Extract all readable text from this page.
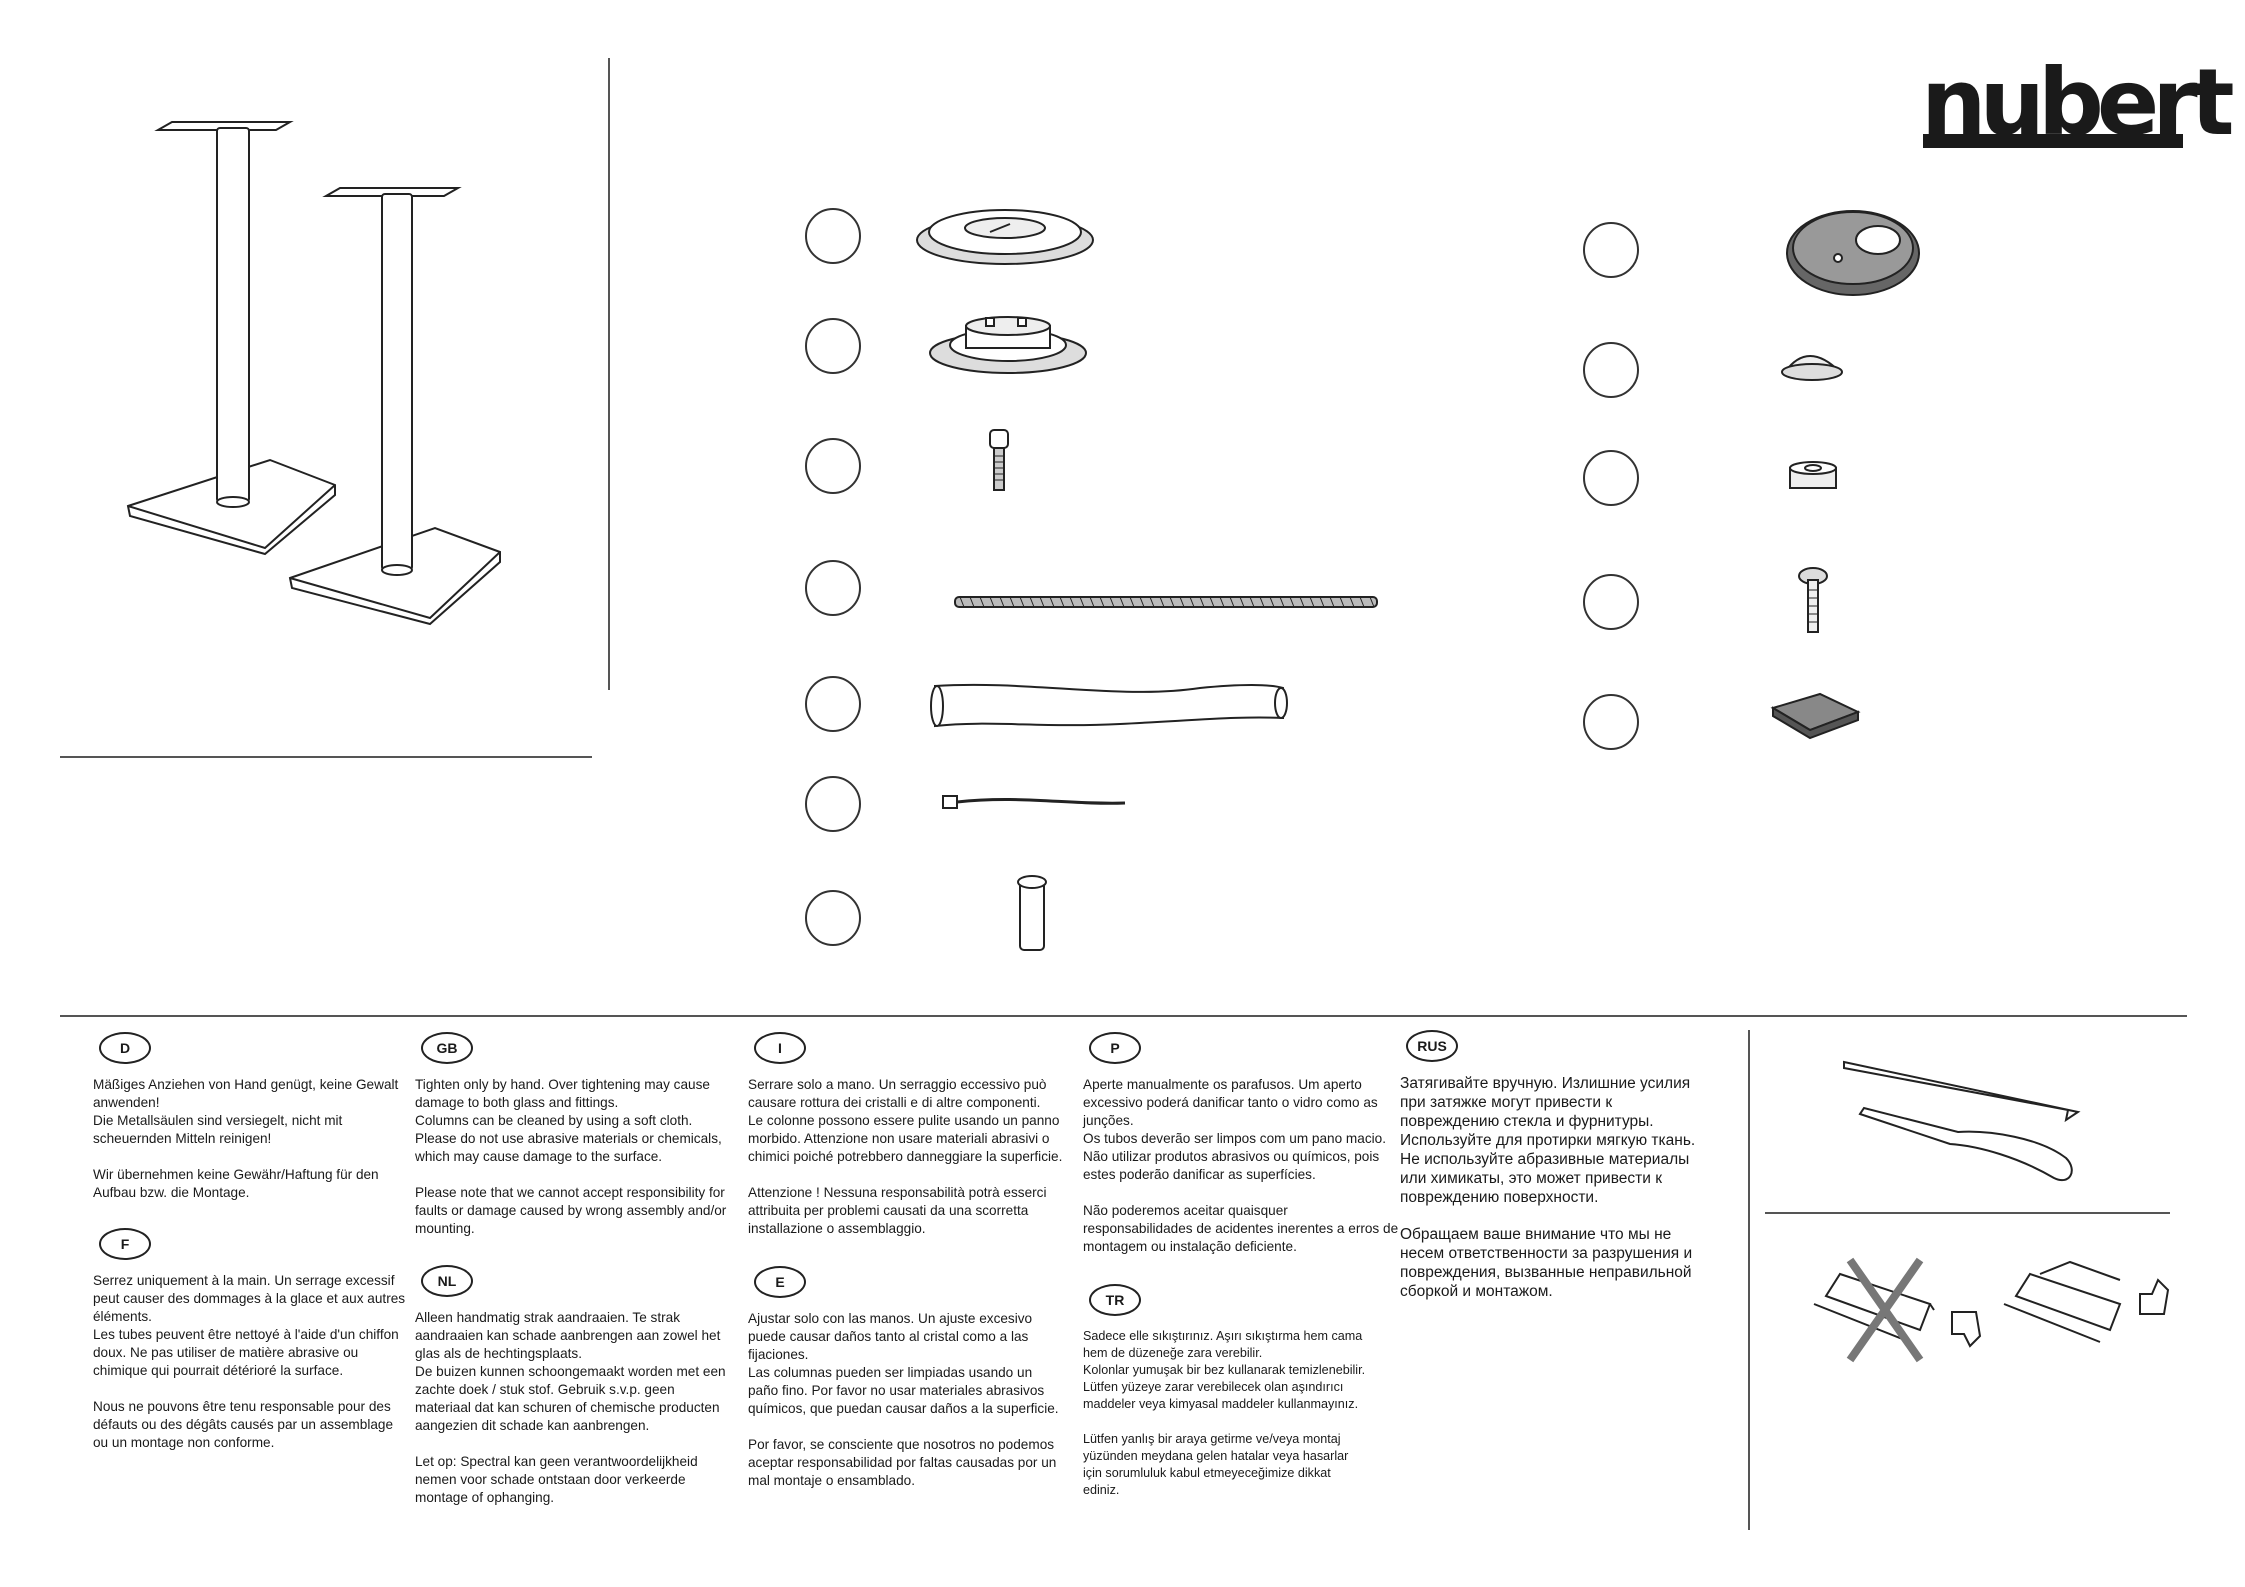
nubert
D

Mäßiges Anziehen von Hand genügt, keine Gewalt
anwenden!
Die Metallsäulen sind versiegelt, nicht mit
scheuernden Mitteln reinigen!

Wir übernehmen keine Gewähr/Haftung für den
Aufbau bzw. die Montage.

F

Serrez uniquement à la main. Un serrage excessif
peut causer des dommages à la glace et aux autres
éléments.
Les tubes peuvent être nettoyé à l'aide d'un chiffon
doux. Ne pas utiliser de matière abrasive ou
chimique qui pourrait détérioré la surface.

Nous ne pouvons être tenu responsable pour des
défauts ou des dégâts causés par un assemblage
ou un montage non conforme.

GB

Tighten only by hand. Over tightening may cause
damage to both glass and fittings.
Columns can be cleaned by using a soft cloth.
Please do not use abrasive materials or chemicals,
which may cause damage to the surface.

Please note that we cannot accept responsibility for
faults or damage caused by wrong assembly and/or
mounting.

NL

Alleen handmatig strak aandraaien. Te strak
aandraaien kan schade aanbrengen aan zowel het
glas als de hechtingsplaats.
De buizen kunnen schoongemaakt worden met een
zachte doek / stuk stof. Gebruik s.v.p. geen
materiaal dat kan schuren of chemische producten
aangezien dit schade kan aanbrengen.

Let op: Spectral kan geen verantwoordelijkheid
nemen voor schade ontstaan door verkeerde
montage of ophanging.

I

Serrare solo a mano. Un serraggio eccessivo può
causare rottura dei cristalli e di altre componenti.
Le colonne possono essere pulite usando un panno
morbido. Attenzione non usare materiali abrasivi o
chimici poiché potrebbero danneggiare la superficie.

Attenzione ! Nessuna responsabilità potrà esserci
attribuita per problemi causati da una scorretta
installazione o assemblaggio.

E

Ajustar solo con las manos. Un ajuste excesivo
puede causar daños tanto al cristal como a las
fijaciones.
Las columnas pueden ser limpiadas usando un
paño fino. Por favor no usar materiales abrasivos
químicos, que puedan causar daños a la superficie.

Por favor, se consciente que nosotros no podemos
aceptar responsabilidad por faltas causadas por un
mal montaje o ensamblado.

P

Aperte manualmente os parafusos. Um aperto
excessivo poderá danificar tanto o vidro como as
junções.
Os tubos deverão ser limpos com um pano macio.
Não utilizar produtos abrasivos ou químicos, pois
estes poderão danificar as superfícies.

Não poderemos aceitar quaisquer
responsabilidades de acidentes inerentes a erros de
montagem ou instalação deficiente.

TR

Sadece elle sıkıştırınız. Aşırı sıkıştırma hem cama
hem de düzeneğe zara verebilir.
Kolonlar yumuşak bir bez kullanarak temizlenebilir.
Lütfen yüzeye zarar verebilecek olan aşındırıcı
maddeler veya kimyasal maddeler kullanmayınız.

Lütfen yanlış bir araya getirme ve/veya montaj
yüzünden meydana gelen hatalar veya hasarlar
için sorumluluk kabul etmeyeceğimize dikkat
ediniz.

RUS

Затягивайте вручную. Излишние усилия
при затяжке могут привести к
повреждению стекла и фурнитуры.
Используйте для протирки мягкую ткань.
Не используйте абразивные материалы
или химикаты, это может привести к
повреждению поверхности.

Обращаем ваше внимание что мы не
несем ответственности за разрушения и
повреждения, вызванные неправильной
сборкой и монтажом.
